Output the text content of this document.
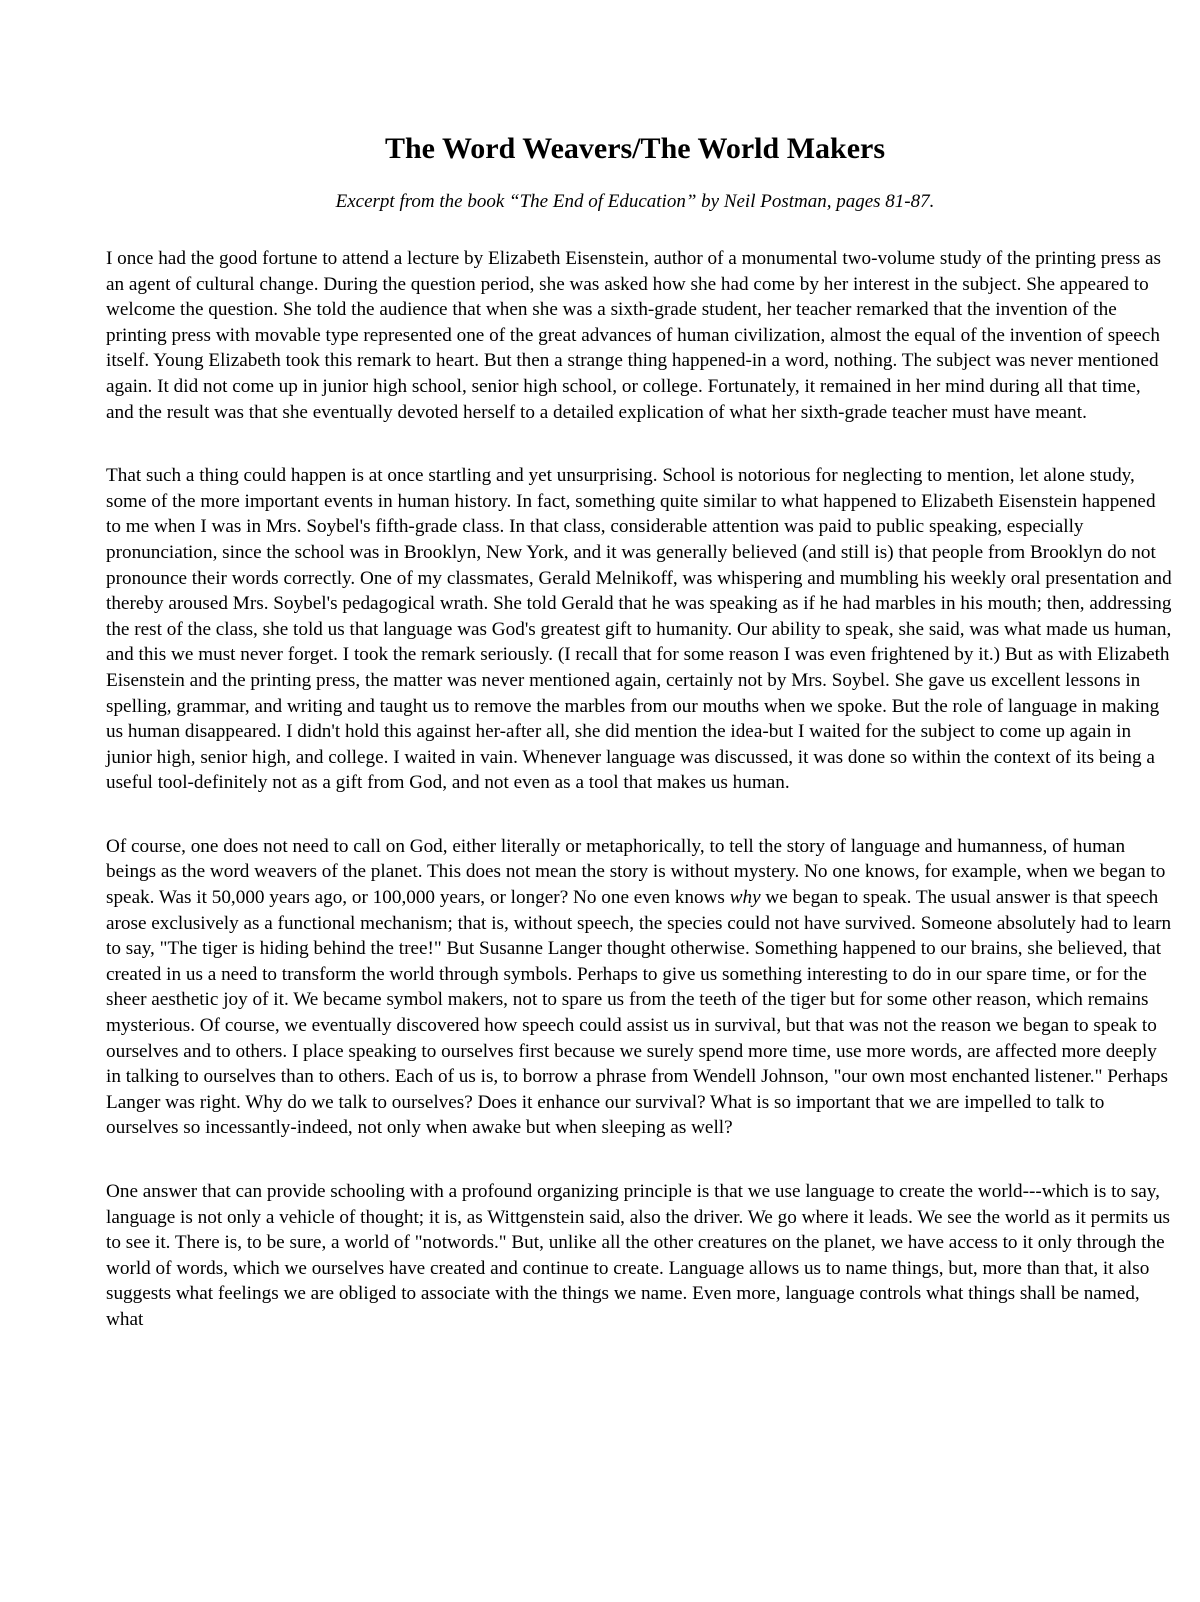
The Word Weavers/The World Makers

Excerpt from the book “The End of Education” by Neil Postman, pages 81-87.

I once had the good fortune to attend a lecture by Elizabeth Eisenstein, author of a monumental two-volume study of the printing press as an agent of cultural change. During the question period, she was asked how she had come by her interest in the subject. She appeared to welcome the question. She told the audience that when she was a sixth-grade student, her teacher remarked that the invention of the printing press with movable type represented one of the great advances of human civilization, almost the equal of the invention of speech itself. Young Elizabeth took this remark to heart. But then a strange thing happened-in a word, nothing. The subject was never mentioned again. It did not come up in junior high school, senior high school, or college. Fortunately, it remained in her mind during all that time, and the result was that she eventually devoted herself to a detailed explication of what her sixth-grade teacher must have meant.

That such a thing could happen is at once startling and yet unsurprising. School is notorious for neglecting to mention, let alone study, some of the more important events in human history. In fact, something quite similar to what happened to Elizabeth Eisenstein happened to me when I was in Mrs. Soybel's fifth-grade class. In that class, considerable attention was paid to public speaking, especially pronunciation, since the school was in Brooklyn, New York, and it was generally believed (and still is) that people from Brooklyn do not pronounce their words correctly. One of my classmates, Gerald Melnikoff, was whispering and mumbling his weekly oral presentation and thereby aroused Mrs. Soybel's pedagogical wrath. She told Gerald that he was speaking as if he had marbles in his mouth; then, addressing the rest of the class, she told us that language was God's greatest gift to humanity. Our ability to speak, she said, was what made us human, and this we must never forget. I took the remark seriously. (I recall that for some reason I was even frightened by it.) But as with Elizabeth Eisenstein and the printing press, the matter was never mentioned again, certainly not by Mrs. Soybel. She gave us excellent lessons in spelling, grammar, and writing and taught us to remove the marbles from our mouths when we spoke. But the role of language in making us human disappeared. I didn't hold this against her-after all, she did mention the idea-but I waited for the subject to come up again in junior high, senior high, and college. I waited in vain. Whenever language was discussed, it was done so within the context of its being a useful tool-definitely not as a gift from God, and not even as a tool that makes us human.

Of course, one does not need to call on God, either literally or metaphorically, to tell the story of language and humanness, of human beings as the word weavers of the planet. This does not mean the story is without mystery. No one knows, for example, when we began to speak. Was it 50,000 years ago, or 100,000 years, or longer? No one even knows why we began to speak. The usual answer is that speech arose exclusively as a functional mechanism; that is, without speech, the species could not have survived. Someone absolutely had to learn to say, "The tiger is hiding behind the tree!" But Susanne Langer thought otherwise. Something happened to our brains, she believed, that created in us a need to transform the world through symbols. Perhaps to give us something interesting to do in our spare time, or for the sheer aesthetic joy of it. We became symbol makers, not to spare us from the teeth of the tiger but for some other reason, which remains mysterious. Of course, we eventually discovered how speech could assist us in survival, but that was not the reason we began to speak to ourselves and to others. I place speaking to ourselves first because we surely spend more time, use more words, are affected more deeply in talking to ourselves than to others. Each of us is, to borrow a phrase from Wendell Johnson, "our own most enchanted listener." Perhaps Langer was right. Why do we talk to ourselves? Does it enhance our survival? What is so important that we are impelled to talk to ourselves so incessantly-indeed, not only when awake but when sleeping as well?

One answer that can provide schooling with a profound organizing principle is that we use language to create the world---which is to say, language is not only a vehicle of thought; it is, as Wittgenstein said, also the driver. We go where it leads. We see the world as it permits us to see it. There is, to be sure, a world of "notwords." But, unlike all the other creatures on the planet, we have access to it only through the world of words, which we ourselves have created and continue to create. Language allows us to name things, but, more than that, it also suggests what feelings we are obliged to associate with the things we name. Even more, language controls what things shall be named, what
